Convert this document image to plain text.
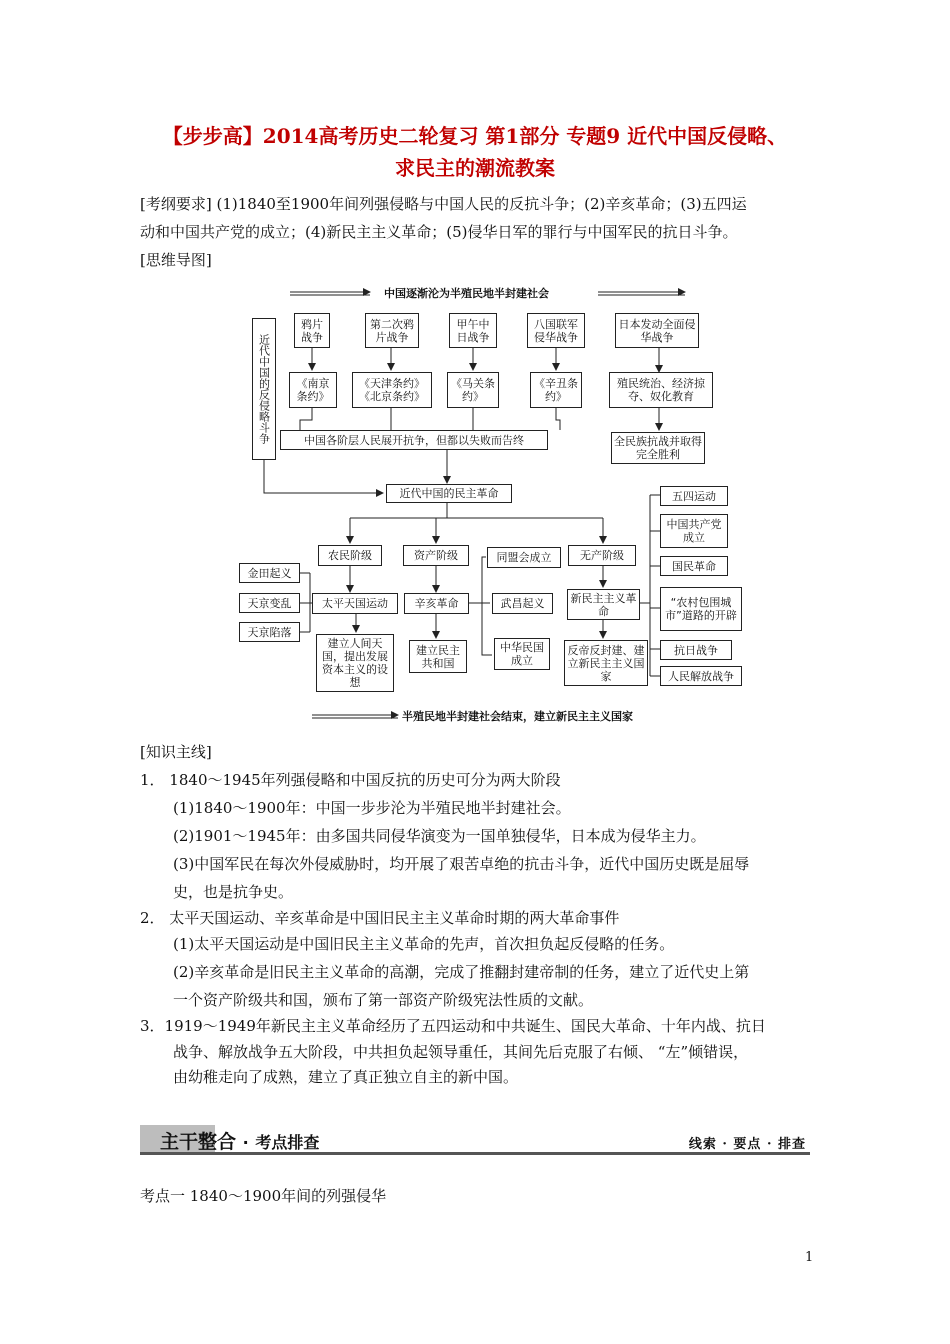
【步步高】2014高考历史二轮复习 第1部分 专题9 近代中国反侵略、
求民主的潮流教案
[考纲要求] (1)1840至1900年间列强侵略与中国人民的反抗斗争；(2)辛亥革命；(3)五四运
动和中国共产党的成立；(4)新民主主义革命；(5)侵华日军的罪行与中国军民的抗日斗争。
[思维导图]
中国逐渐沦为半殖民地半封建社会
半殖民地半封建社会结束，建立新民主主义国家
近代中国的反侵略斗争
鸦片战争
第二次鸦片战争
甲午中日战争
八国联军侵华战争
日本发动全面侵华战争
《南京条约》
《天津条约》《北京条约》
《马关条约》
《辛丑条约》
殖民统治、经济掠夺、奴化教育
中国各阶层人民展开抗争，但都以失败而告终	全民族抗战并取得完全胜利
近代中国的民主革命
农民阶级	资产阶级	同盟会成立	无产阶级
金田起义
天京变乱
天京陷落
太平天国运动
建立人间天国，提出发展资本主义的设想
辛亥革命
建立民主共和国
武昌起义
中华民国成立
新民主主义革命
反帝反封建、建立新民主主义国家
五四运动
中国共产党成立
国民革命
“农村包围城市”道路的开辟
抗日战争
人民解放战争
[知识主线]
1． 1840～1945年列强侵略和中国反抗的历史可分为两大阶段
(1)1840～1900年：中国一步步沦为半殖民地半封建社会。
(2)1901～1945年：由多国共同侵华演变为一国单独侵华，日本成为侵华主力。
(3)中国军民在每次外侵威胁时，均开展了艰苦卓绝的抗击斗争，近代中国历史既是屈辱
史，也是抗争史。
2． 太平天国运动、辛亥革命是中国旧民主主义革命时期的两大革命事件
(1)太平天国运动是中国旧民主主义革命的先声，首次担负起反侵略的任务。
(2)辛亥革命是旧民主主义革命的高潮，完成了推翻封建帝制的任务，建立了近代史上第
一个资产阶级共和国，颁布了第一部资产阶级宪法性质的文献。
3．1919～1949年新民主主义革命经历了五四运动和中共诞生、国民大革命、十年内战、抗日
战争、解放战争五大阶段，中共担负起领导重任，其间先后克服了右倾、 “左”倾错误，
由幼稚走向了成熟，建立了真正独立自主的新中国。
主干整合 · 考点排查	线索 · 要点 · 排查
考点一 1840～1900年间的列强侵华
1
